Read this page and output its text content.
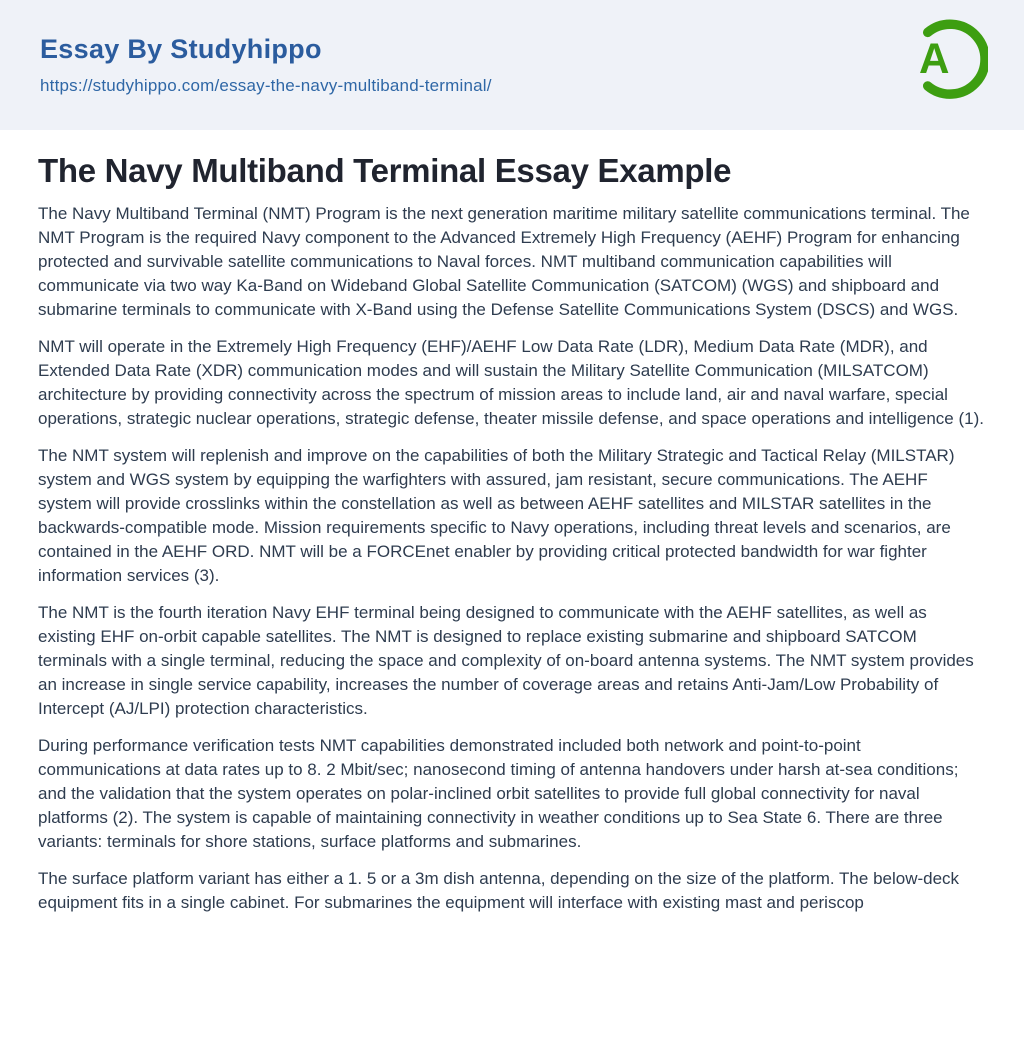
Essay By Studyhippo
https://studyhippo.com/essay-the-navy-multiband-terminal/
A
The Navy Multiband Terminal Essay Example

The Navy Multiband Terminal (NMT) Program is the next generation maritime military satellite communications terminal. The NMT Program is the required Navy component to the Advanced Extremely High Frequency (AEHF) Program for enhancing protected and survivable satellite communications to Naval forces. NMT multiband communication capabilities will communicate via two way Ka-Band on Wideband Global Satellite Communication (SATCOM) (WGS) and shipboard and submarine terminals to communicate with X-Band using the Defense Satellite Communications System (DSCS) and WGS.

NMT will operate in the Extremely High Frequency (EHF)/AEHF Low Data Rate (LDR), Medium Data Rate (MDR), and Extended Data Rate (XDR) communication modes and will sustain the Military Satellite Communication (MILSATCOM) architecture by providing connectivity across the spectrum of mission areas to include land, air and naval warfare, special operations, strategic nuclear operations, strategic defense, theater missile defense, and space operations and intelligence (1).

The NMT system will replenish and improve on the capabilities of both the Military Strategic and Tactical Relay (MILSTAR) system and WGS system by equipping the warfighters with assured, jam resistant, secure communications. The AEHF system will provide crosslinks within the constellation as well as between AEHF satellites and MILSTAR satellites in the backwards-compatible mode. Mission requirements specific to Navy operations, including threat levels and scenarios, are contained in the AEHF ORD. NMT will be a FORCEnet enabler by providing critical protected bandwidth for war fighter information services (3).

The NMT is the fourth iteration Navy EHF terminal being designed to communicate with the AEHF satellites, as well as existing EHF on-orbit capable satellites. The NMT is designed to replace existing submarine and shipboard SATCOM terminals with a single terminal, reducing the space and complexity of on-board antenna systems. The NMT system provides an increase in single service capability, increases the number of coverage areas and retains Anti-Jam/Low Probability of Intercept (AJ/LPI) protection characteristics.

During performance verification tests NMT capabilities demonstrated included both network and point-to-point communications at data rates up to 8. 2 Mbit/sec; nanosecond timing of antenna handovers under harsh at-sea conditions; and the validation that the system operates on polar-inclined orbit satellites to provide full global connectivity for naval platforms (2). The system is capable of maintaining connectivity in weather conditions up to Sea State 6. There are three variants: terminals for shore stations, surface platforms and submarines.

The surface platform variant has either a 1. 5 or a 3m dish antenna, depending on the size of the platform. The below-deck equipment fits in a single cabinet. For submarines the equipment will interface with existing mast and periscop
